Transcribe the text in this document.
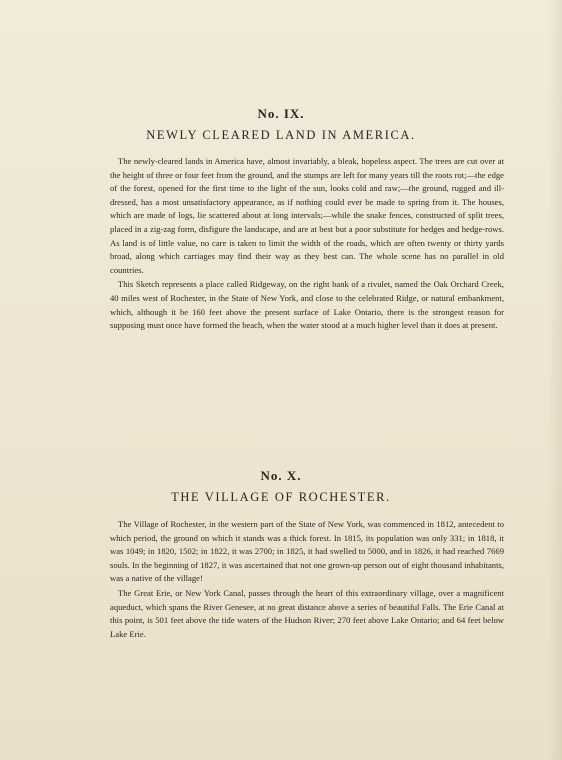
No. IX.
NEWLY CLEARED LAND IN AMERICA.

The newly-cleared lands in America have, almost invariably, a bleak, hopeless aspect. The trees are cut over at the height of three or four feet from the ground, and the stumps are left for many years till the roots rot;—the edge of the forest, opened for the first time to the light of the sun, looks cold and raw;—the ground, rugged and ill-dressed, has a most unsatisfactory appearance, as if nothing could ever be made to spring from it. The houses, which are made of logs, lie scattered about at long intervals;—while the snake fences, constructed of split trees, placed in a zig-zag form, disfigure the landscape, and are at best but a poor substitute for hedges and hedge-rows. As land is of little value, no care is taken to limit the width of the roads, which are often twenty or thirty yards broad, along which carriages may find their way as they best can. The whole scene has no parallel in old countries.

This Sketch represents a place called Ridgeway, on the right bank of a rivulet, named the Oak Orchard Creek, 40 miles west of Rochester, in the State of New York, and close to the celebrated Ridge, or natural embankment, which, although it be 160 feet above the present surface of Lake Ontario, there is the strongest reason for supposing must once have formed the beach, when the water stood at a much higher level than it does at present.

No. X.
THE VILLAGE OF ROCHESTER.

The Village of Rochester, in the western part of the State of New York, was commenced in 1812, antecedent to which period, the ground on which it stands was a thick forest. In 1815, its population was only 331; in 1818, it was 1049; in 1820, 1502; in 1822, it was 2700; in 1825, it had swelled to 5000, and in 1826, it had reached 7669 souls. In the beginning of 1827, it was ascertained that not one grown-up person out of eight thousand inhabitants, was a native of the village!

The Great Erie, or New York Canal, passes through the heart of this extraordinary village, over a magnificent aqueduct, which spans the River Genesee, at no great distance above a series of beautiful Falls. The Erie Canal at this point, is 501 feet above the tide waters of the Hudson River; 270 feet above Lake Ontario; and 64 feet below Lake Erie.
